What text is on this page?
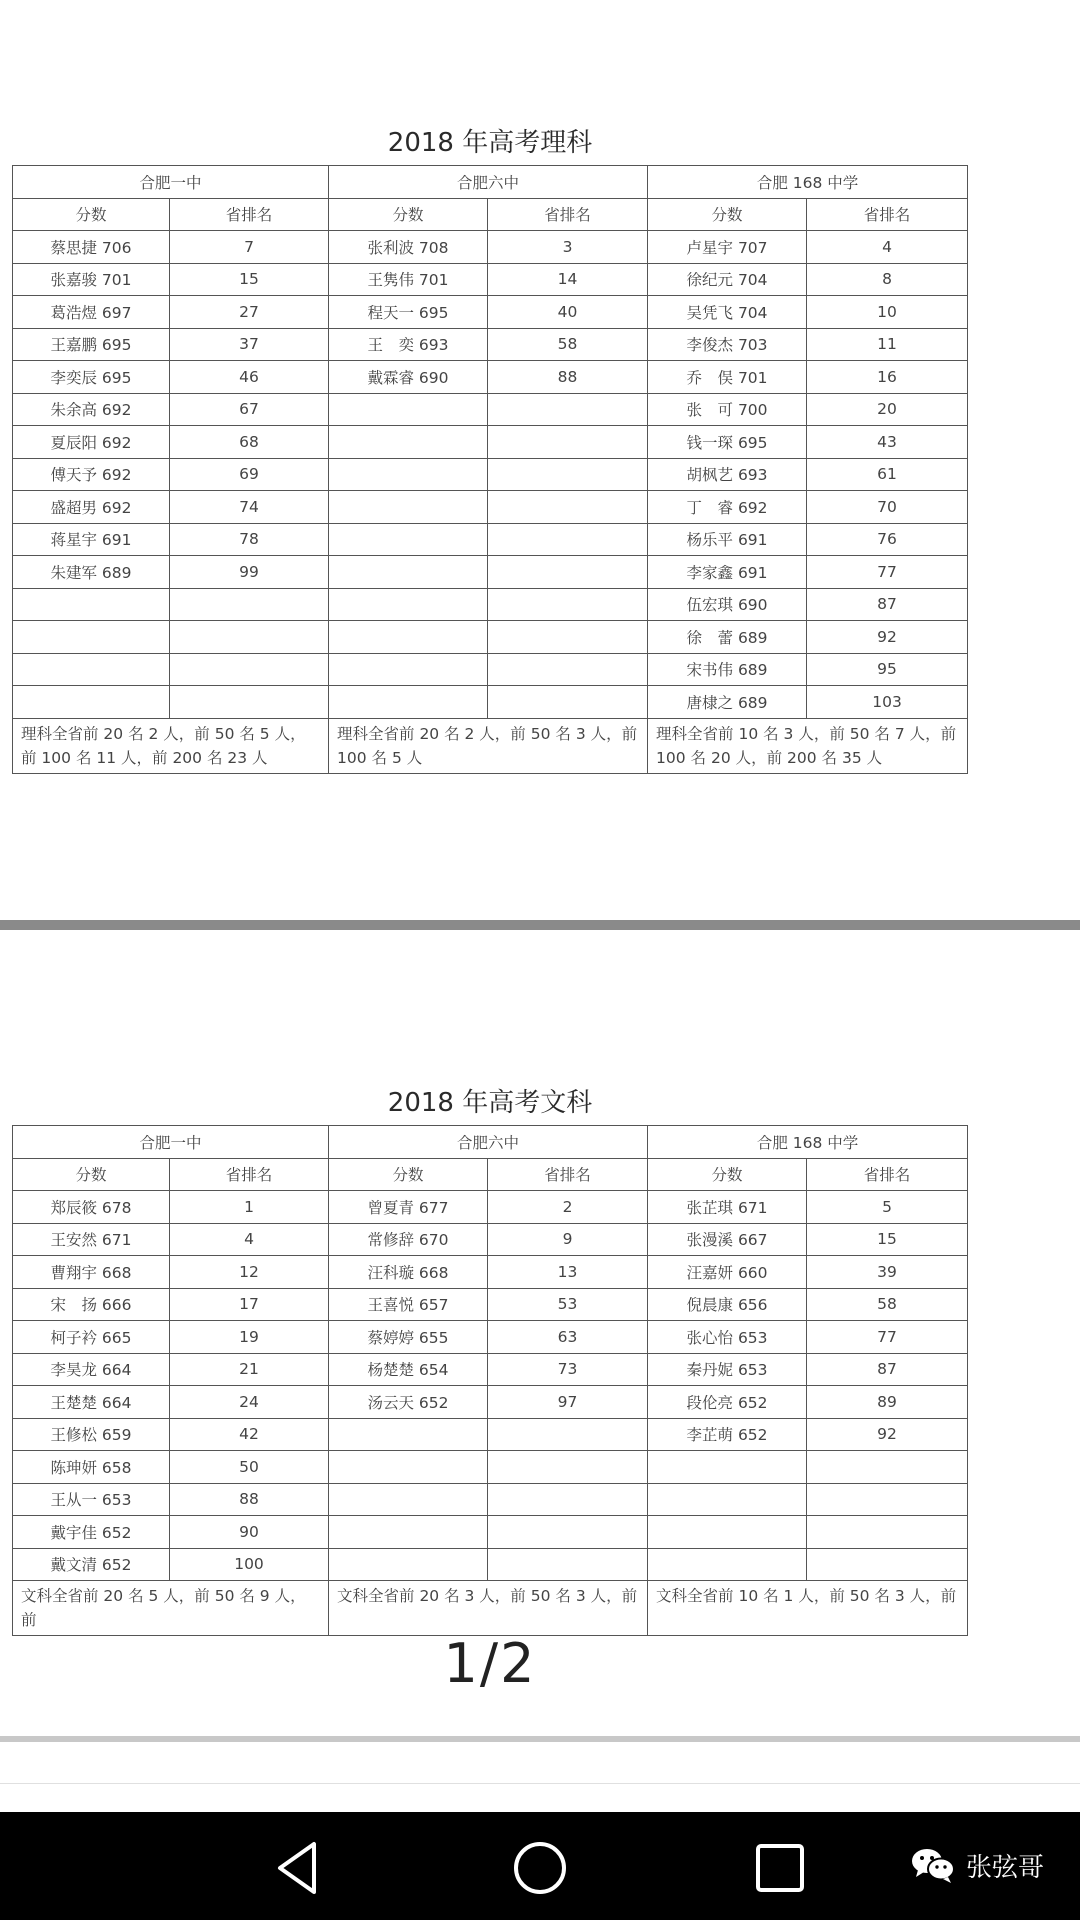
2018 年高考理科
合肥一中		合肥六中		合肥 168 中学	
分数	省排名	分数	省排名	分数	省排名
蔡思捷 706	7	张利波 708	3	卢星宇 707	4
张嘉骏 701	15	王隽伟 701	14	徐纪元 704	8
葛浩煜 697	27	程天一 695	40	吴凭飞 704	10
王嘉鹏 695	37	王　奕 693	58	李俊杰 703	11
李奕辰 695	46	戴霖睿 690	88	乔　俣 701	16
朱余高 692	67			张　可 700	20
夏辰阳 692	68			钱一琛 695	43
傅天予 692	69			胡枫艺 693	61
盛超男 692	74			丁　睿 692	70
蒋星宇 691	78			杨乐平 691	76
朱建军 689	99			李家鑫 691	77
				伍宏琪 690	87
				徐　蕾 689	92
				宋书伟 689	95
				唐棣之 689	103
理科全省前 20 名 2 人，前 50 名 5 人，前 100 名 11 人，前 200 名 23 人		理科全省前 20 名 2 人，前 50 名 3 人，前 100 名 5 人		理科全省前 10 名 3 人，前 50 名 7 人，前 100 名 20 人，前 200 名 35 人	
2018 年高考文科
合肥一中		合肥六中		合肥 168 中学	
分数	省排名	分数	省排名	分数	省排名
郑辰筱 678	1	曾夏青 677	2	张芷琪 671	5
王安然 671	4	常修辞 670	9	张漫溪 667	15
曹翔宇 668	12	汪科璇 668	13	汪嘉妍 660	39
宋　扬 666	17	王喜悦 657	53	倪晨康 656	58
柯子衿 665	19	蔡婷婷 655	63	张心怡 653	77
李昊龙 664	21	杨楚楚 654	73	秦丹妮 653	87
王楚楚 664	24	汤云天 652	97	段伦亮 652	89
王修松 659	42			李芷萌 652	92
陈珅妍 658	50				
王从一 653	88				
戴宇佳 652	90				
戴文清 652	100				
文科全省前 20 名 5 人，前 50 名 9 人，前		文科全省前 20 名 3 人，前 50 名 3 人，前		文科全省前 10 名 1 人，前 50 名 3 人，前	
1/2
张弦哥
